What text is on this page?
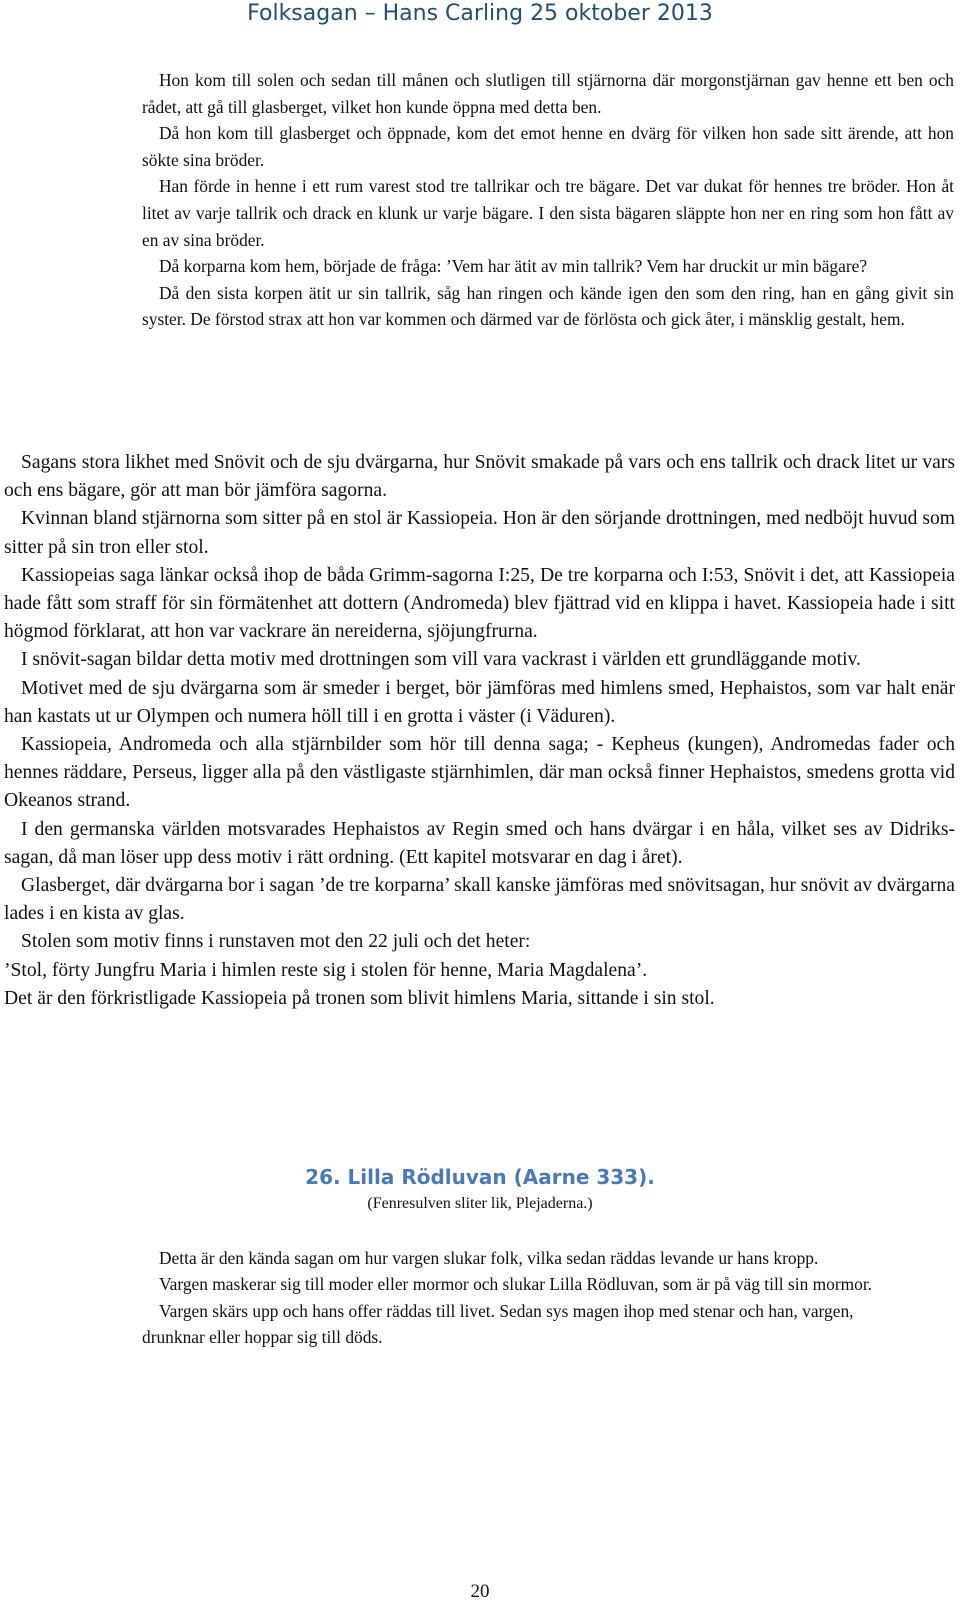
Folksagan – Hans Carling 25 oktober 2013

Hon kom till solen och sedan till månen och slutligen till stjärnorna där morgonstjärnan gav henne ett ben och rådet, att gå till glasberget, vilket hon kunde öppna med detta ben.

Då hon kom till glasberget och öppnade, kom det emot henne en dvärg för vilken hon sade sitt ärende, att hon sökte sina bröder.

Han förde in henne i ett rum varest stod tre tallrikar och tre bägare. Det var dukat för hennes tre bröder. Hon åt litet av varje tallrik och drack en klunk ur varje bägare. I den sista bägaren släppte hon ner en ring som hon fått av en av sina bröder.

Då korparna kom hem, började de fråga: ’Vem har ätit av min tallrik? Vem har druckit ur min bägare?

Då den sista korpen ätit ur sin tallrik, såg han ringen och kände igen den som den ring, han en gång givit sin syster. De förstod strax att hon var kommen och därmed var de förlösta och gick åter, i mänsklig gestalt, hem.

Sagans stora likhet med Snövit och de sju dvärgarna, hur Snövit smakade på vars och ens tallrik och drack litet ur vars och ens bägare, gör att man bör jämföra sagorna.

Kvinnan bland stjärnorna som sitter på en stol är Kassiopeia. Hon är den sörjande drottningen, med nedböjt huvud som sitter på sin tron eller stol.

Kassiopeias saga länkar också ihop de båda Grimm-sagorna I:25, De tre korparna och I:53, Snövit i det, att Kassiopeia hade fått som straff för sin förmätenhet att dottern (Andromeda) blev fjättrad vid en klippa i havet. Kassiopeia hade i sitt högmod förklarat, att hon var vackrare än nereiderna, sjöjungfrurna.

I snövit-sagan bildar detta motiv med drottningen som vill vara vackrast i världen ett grundläggande motiv.

Motivet med de sju dvärgarna som är smeder i berget, bör jämföras med himlens smed, Hephaistos, som var halt enär han kastats ut ur Olympen och numera höll till i en grotta i väster (i Väduren).

Kassiopeia, Andromeda och alla stjärnbilder som hör till denna saga; - Kepheus (kungen), Andromedas fader och hennes räddare, Perseus, ligger alla på den västligaste stjärnhimlen, där man också finner Hephaistos, smedens grotta vid Okeanos strand.

I den germanska världen motsvarades Hephaistos av Regin smed och hans dvärgar i en håla, vilket ses av Didriks-sagan, då man löser upp dess motiv i rätt ordning. (Ett kapitel motsvarar en dag i året).

Glasberget, där dvärgarna bor i sagan ’de tre korparna’ skall kanske jämföras med snövitsagan, hur snövit av dvärgarna lades i en kista av glas.

Stolen som motiv finns i runstaven mot den 22 juli och det heter:

’Stol, förty Jungfru Maria i himlen reste sig i stolen för henne, Maria Magdalena’.

Det är den förkristligade Kassiopeia på tronen som blivit himlens Maria, sittande i sin stol.

26. Lilla Rödluvan (Aarne 333).
(Fenresulven sliter lik, Plejaderna.)

Detta är den kända sagan om hur vargen slukar folk, vilka sedan räddas levande ur hans kropp.

Vargen maskerar sig till moder eller mormor och slukar Lilla Rödluvan, som är på väg till sin mormor.

Vargen skärs upp och hans offer räddas till livet. Sedan sys magen ihop med stenar och han, vargen, drunknar eller hoppar sig till döds.

20
